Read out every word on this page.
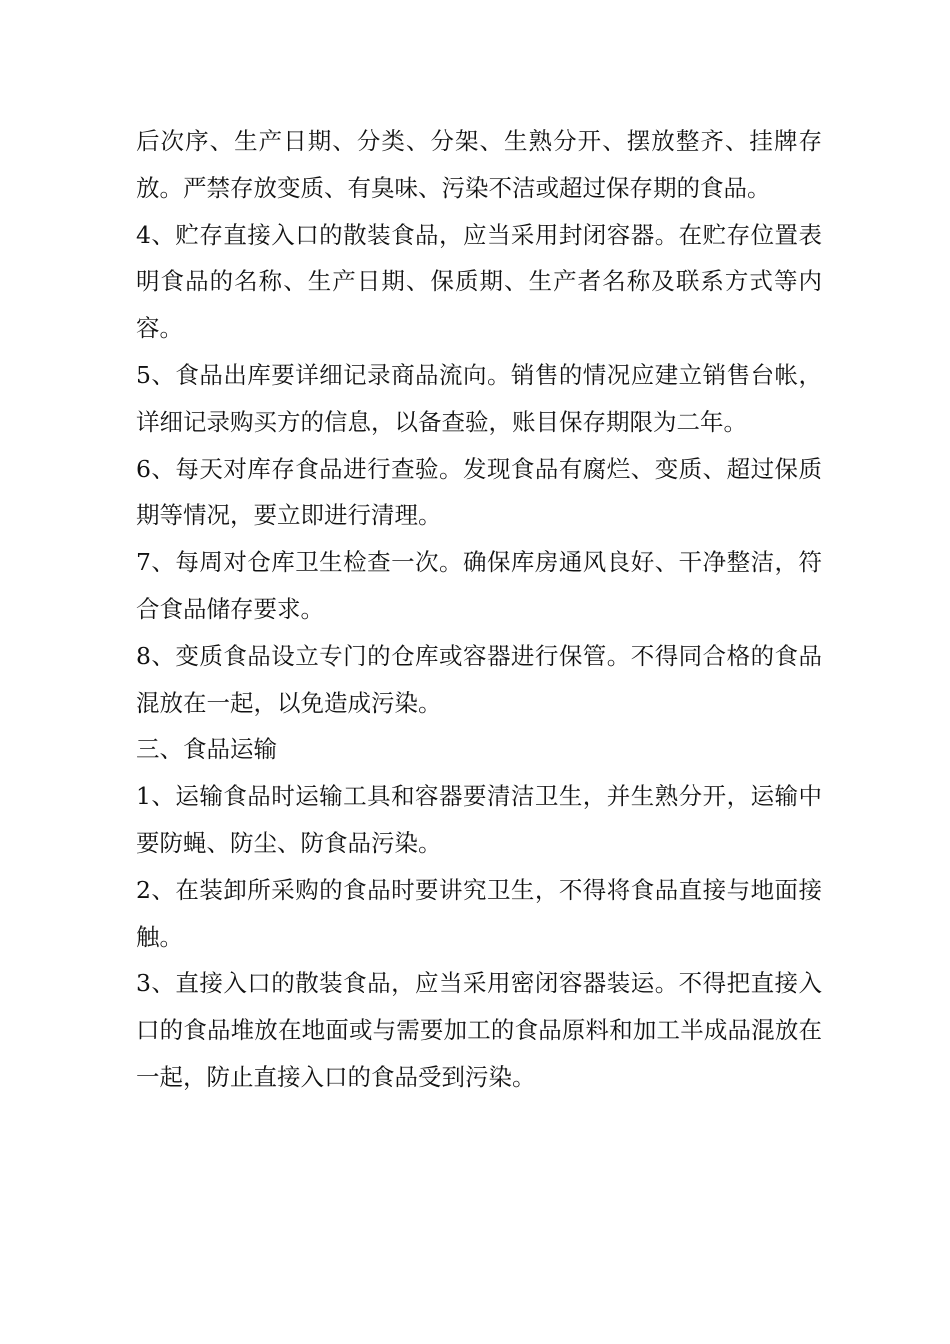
后次序、生产日期、分类、分架、生熟分开、摆放整齐、挂牌存放。严禁存放变质、有臭味、污染不洁或超过保存期的食品。

4、贮存直接入口的散装食品，应当采用封闭容器。在贮存位置表明食品的名称、生产日期、保质期、生产者名称及联系方式等内容。

5、食品出库要详细记录商品流向。销售的情况应建立销售台帐，详细记录购买方的信息，以备查验，账目保存期限为二年。

6、每天对库存食品进行查验。发现食品有腐烂、变质、超过保质期等情况，要立即进行清理。

7、每周对仓库卫生检查一次。确保库房通风良好、干净整洁，符合食品储存要求。

8、变质食品设立专门的仓库或容器进行保管。不得同合格的食品混放在一起，以免造成污染。

三、食品运输

1、运输食品时运输工具和容器要清洁卫生，并生熟分开，运输中要防蝇、防尘、防食品污染。

2、在装卸所采购的食品时要讲究卫生，不得将食品直接与地面接触。

3、直接入口的散装食品，应当采用密闭容器装运。不得把直接入口的食品堆放在地面或与需要加工的食品原料和加工半成品混放在一起，防止直接入口的食品受到污染。
